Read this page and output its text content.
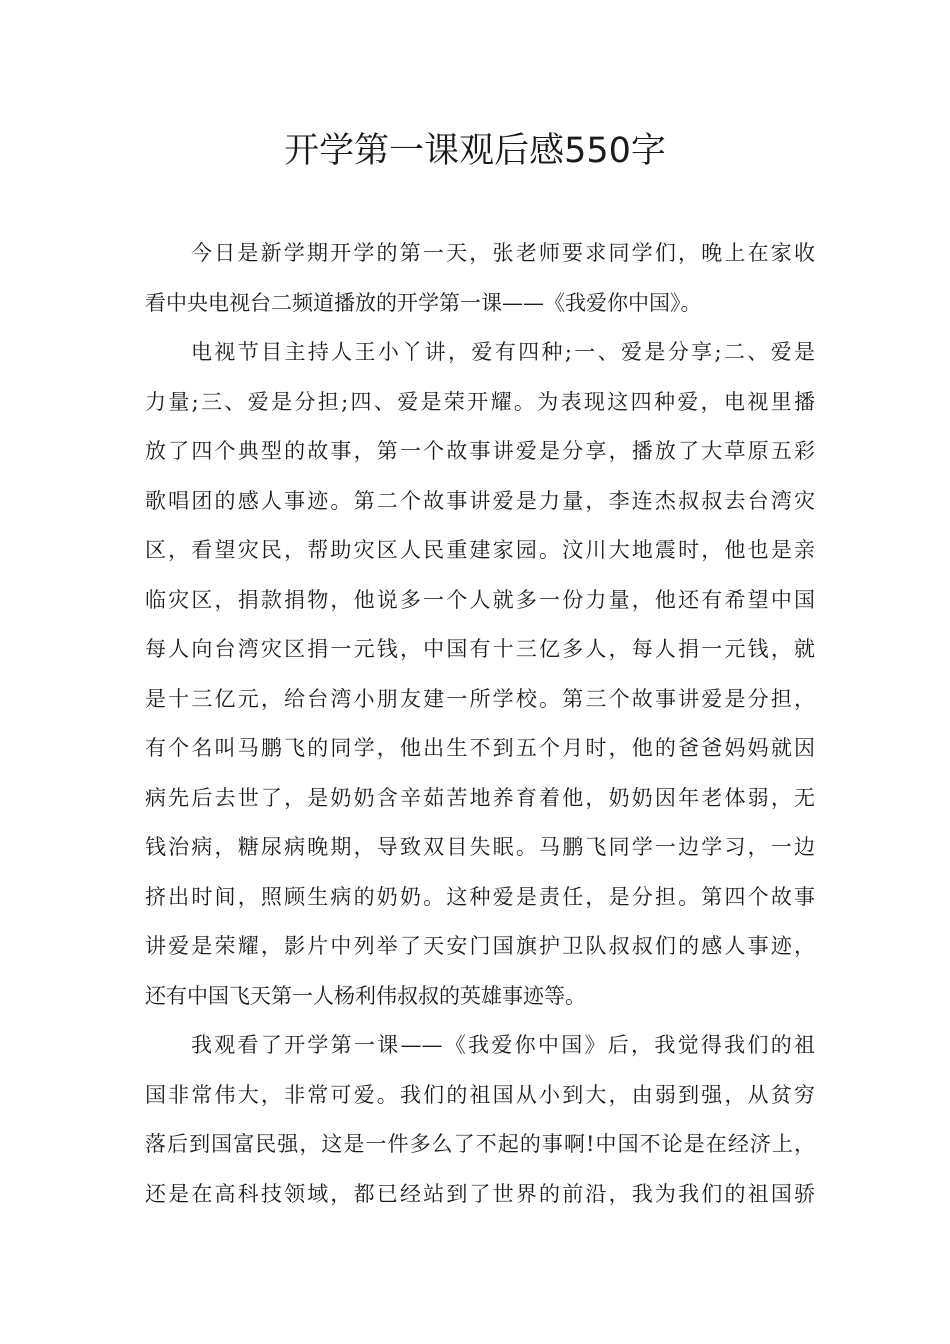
开学第一课观后感550字
今日是新学期开学的第一天，张老师要求同学们，晚上在家收
看中央电视台二频道播放的开学第一课——《我爱你中国》。
电视节目主持人王小丫讲，爱有四种;一、爱是分享;二、爱是
力量;三、爱是分担;四、爱是荣开耀。为表现这四种爱，电视里播
放了四个典型的故事，第一个故事讲爱是分享，播放了大草原五彩
歌唱团的感人事迹。第二个故事讲爱是力量，李连杰叔叔去台湾灾
区，看望灾民，帮助灾区人民重建家园。汶川大地震时，他也是亲
临灾区，捐款捐物，他说多一个人就多一份力量，他还有希望中国
每人向台湾灾区捐一元钱，中国有十三亿多人，每人捐一元钱，就
是十三亿元，给台湾小朋友建一所学校。第三个故事讲爱是分担，
有个名叫马鹏飞的同学，他出生不到五个月时，他的爸爸妈妈就因
病先后去世了，是奶奶含辛茹苦地养育着他，奶奶因年老体弱，无
钱治病，糖尿病晚期，导致双目失眠。马鹏飞同学一边学习，一边
挤出时间，照顾生病的奶奶。这种爱是责任，是分担。第四个故事
讲爱是荣耀，影片中列举了天安门国旗护卫队叔叔们的感人事迹，
还有中国飞天第一人杨利伟叔叔的英雄事迹等。
我观看了开学第一课——《我爱你中国》后，我觉得我们的祖
国非常伟大，非常可爱。我们的祖国从小到大，由弱到强，从贫穷
落后到国富民强，这是一件多么了不起的事啊!中国不论是在经济上，
还是在高科技领域，都已经站到了世界的前沿，我为我们的祖国骄
